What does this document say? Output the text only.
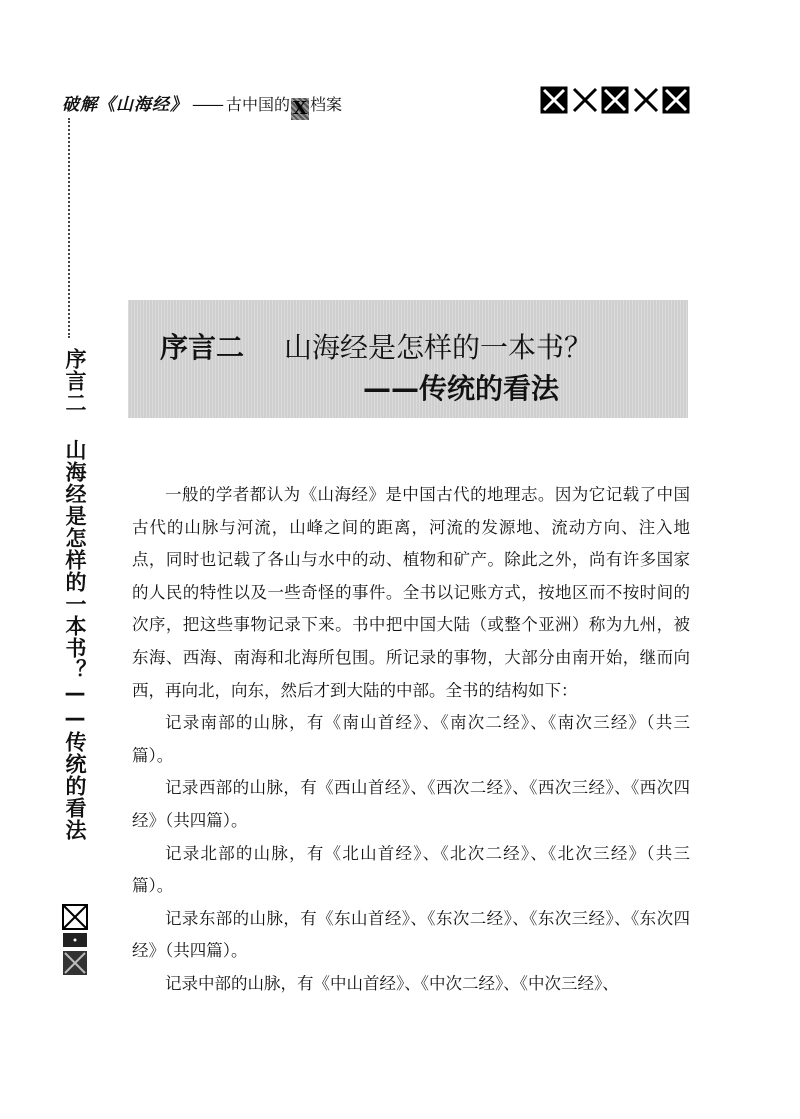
破解《山海经》 —— 古中国的 X 档案
序言二 山海经是怎样的一本书？——传统的看法
序言二 山海经是怎样的一本书？
——传统的看法

一般的学者都认为《山海经》是中国古代的地理志。因为它记载了中国古代的山脉与河流，山峰之间的距离，河流的发源地、流动方向、注入地点，同时也记载了各山与水中的动、植物和矿产。除此之外，尚有许多国家的人民的特性以及一些奇怪的事件。全书以记账方式，按地区而不按时间的次序，把这些事物记录下来。书中把中国大陆（或整个亚洲）称为九州，被东海、西海、南海和北海所包围。所记录的事物，大部分由南开始，继而向西，再向北，向东，然后才到大陆的中部。全书的结构如下：

记录南部的山脉，有《南山首经》、《南次二经》、《南次三经》（共三篇）。

记录西部的山脉，有《西山首经》、《西次二经》、《西次三经》、《西次四经》（共四篇）。

记录北部的山脉，有《北山首经》、《北次二经》、《北次三经》（共三篇）。

记录东部的山脉，有《东山首经》、《东次二经》、《东次三经》、《东次四经》（共四篇）。

记录中部的山脉，有《中山首经》、《中次二经》、《中次三经》、
